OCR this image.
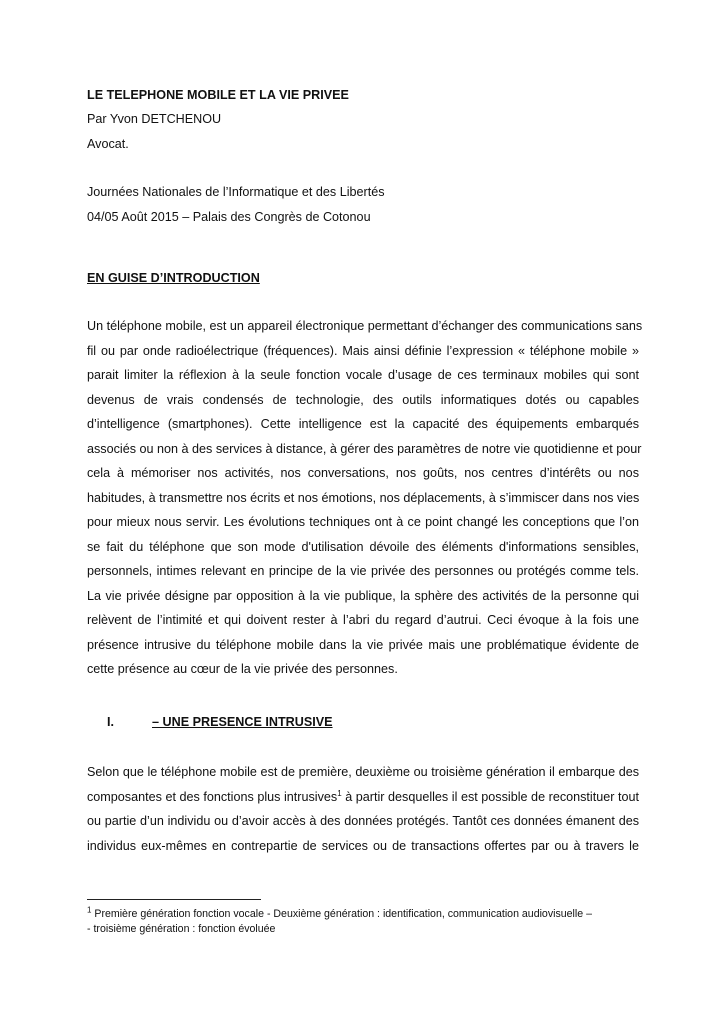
LE TELEPHONE MOBILE ET LA VIE PRIVEE
Par Yvon DETCHENOU
Avocat.
Journées Nationales de l’Informatique et des Libertés
04/05 Août 2015 – Palais des Congrès de Cotonou
EN GUISE D’INTRODUCTION
Un téléphone mobile, est un appareil électronique permettant d’échanger des communications sans
fil ou par onde radioélectrique (fréquences). Mais ainsi définie l’expression « téléphone mobile »
parait limiter la réflexion à la seule fonction vocale d’usage de ces terminaux mobiles qui sont
devenus de vrais condensés de technologie, des outils informatiques dotés ou capables
d’intelligence (smartphones). Cette intelligence est la capacité des équipements embarqués
associés ou non à des services à distance, à gérer des paramètres de notre vie quotidienne et pour
cela à mémoriser nos activités, nos conversations, nos goûts, nos centres d’intérêts ou nos
habitudes, à transmettre nos écrits et nos émotions, nos déplacements, à s’immiscer dans nos vies
pour mieux nous servir. Les évolutions techniques ont à ce point changé les conceptions que l’on
se fait du téléphone que son mode d'utilisation dévoile des éléments d'informations sensibles,
personnels, intimes relevant en principe de la vie privée des personnes ou protégés comme tels.
La vie privée désigne par opposition à la vie publique, la sphère des activités de la personne qui
relèvent de l’intimité et qui doivent rester à l’abri du regard d’autrui. Ceci évoque à la fois une
présence intrusive du téléphone mobile dans la vie privée mais une problématique évidente de
cette présence au cœur de la vie privée des personnes.
I.	– UNE PRESENCE INTRUSIVE
Selon que le téléphone mobile est de première, deuxième ou troisième génération il embarque des
composantes et des fonctions plus intrusives$^1$ à partir desquelles il est possible de reconstituer tout
ou partie d’un individu ou d’avoir accès à des données protégés. Tantôt ces données émanent des
individus eux-mêmes en contrepartie de services ou de transactions offertes par ou à travers le
$^1$ Première génération fonction vocale - Deuxième génération : identification, communication audiovisuelle –
- troisième génération : fonction évoluée
